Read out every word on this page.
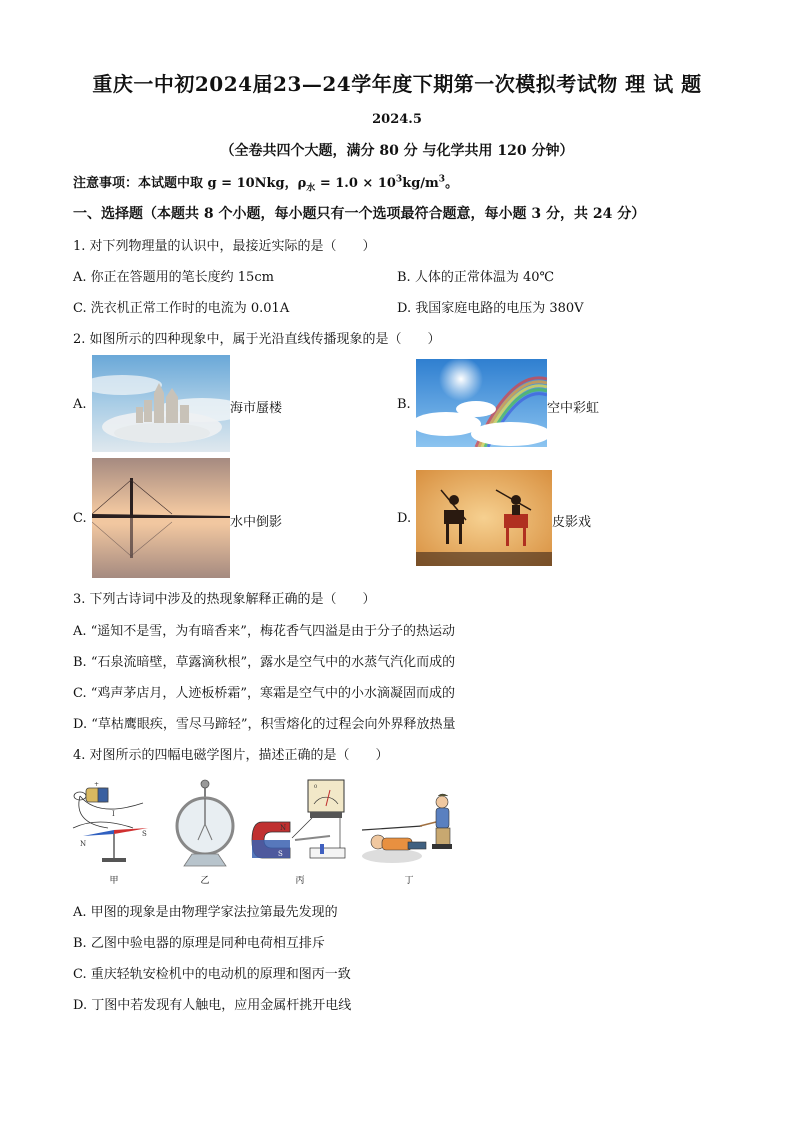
重庆一中初2024届23—24学年度下期第一次模拟考试物 理 试 题
2024.5
（全卷共四个大题，满分 80 分 与化学共用 120 分钟）
注意事项：本试题中取 g = 10Nkg，$\rho_水 = 1.0 \times 10^3kg/m^3$。
一、选择题（本题共 8 个小题，每小题只有一个选项最符合题意，每小题 3 分，共 24 分）
1. 对下列物理量的认识中，最接近实际的是（　　）
A. 你正在答题用的笔长度约 15cm	B. 人体的正常体温为 40℃
C. 洗衣机正常工作时的电流为 0.01A	D. 我国家庭电路的电压为 380V
2. 如图所示的四种现象中，属于光沿直线传播现象的是（　　）
A.	海市蜃楼	B.	空中彩虹
C.	水中倒影	D.	皮影戏
3. 下列古诗词中涉及的热现象解释正确的是（　　）
A. “遥知不是雪，为有暗香来”，梅花香气四溢是由于分子的热运动
B. “石泉流暗壁，草露滴秋根”，露水是空气中的水蒸气汽化而成的
C. “鸡声茅店月，人迹板桥霜”，寒霜是空气中的小水滴凝固而成的
D. “草枯鹰眼疾，雪尽马蹄轻”，积雪熔化的过程会向外界释放热量
4. 对图所示的四幅电磁学图片，描述正确的是（　　）
+
I
N
S
甲	乙
0
N
S
丙	丁
A. 甲图的现象是由物理学家法拉第最先发现的
B. 乙图中验电器的原理是同种电荷相互排斥
C. 重庆轻轨安检机中的电动机的原理和图丙一致
D. 丁图中若发现有人触电，应用金属杆挑开电线
